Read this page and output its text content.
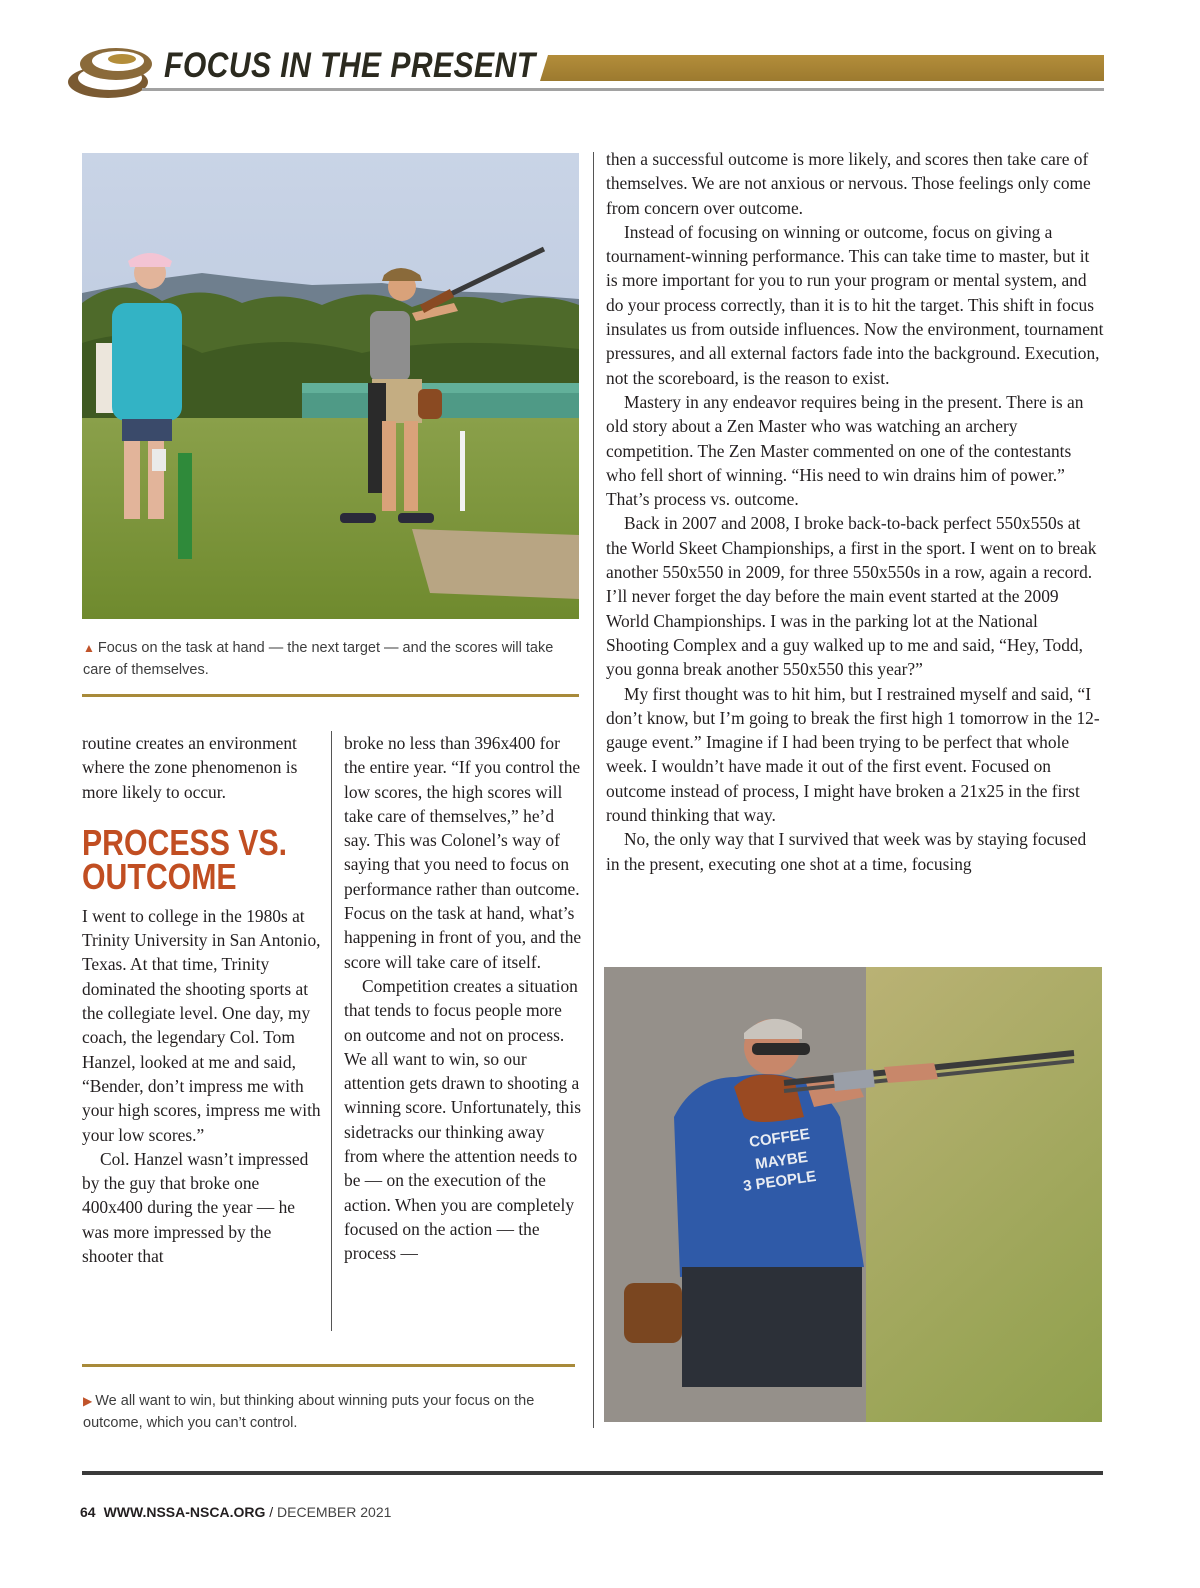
FOCUS IN THE PRESENT
▲ Focus on the task at hand — the next target — and the scores will take care of themselves.

routine creates an environment where the zone phenomenon is more likely to occur.

PROCESS VS. OUTCOME

I went to college in the 1980s at Trinity University in San Antonio, Texas. At that time, Trinity dominated the shooting sports at the collegiate level. One day, my coach, the legendary Col. Tom Hanzel, looked at me and said, “Bender, don’t impress me with your high scores, impress me with your low scores.”

Col. Hanzel wasn’t impressed by the guy that broke one 400x400 during the year — he was more impressed by the shooter that

broke no less than 396x400 for the entire year. “If you control the low scores, the high scores will take care of themselves,” he’d say. This was Colonel’s way of saying that you need to focus on performance rather than outcome. Focus on the task at hand, what’s happening in front of you, and the score will take care of itself.

Competition creates a situation that tends to focus people more on outcome and not on process. We all want to win, so our attention gets drawn to shooting a winning score. Unfortunately, this sidetracks our thinking away from where the attention needs to be — on the execution of the action. When you are completely focused on the action — the process —

▶ We all want to win, but thinking about winning puts your focus on the outcome, which you can’t control.

then a successful outcome is more likely, and scores then take care of themselves. We are not anxious or nervous. Those feelings only come from concern over outcome.

Instead of focusing on winning or outcome, focus on giving a tournament-winning performance. This can take time to master, but it is more important for you to run your program or mental system, and do your process correctly, than it is to hit the target. This shift in focus insulates us from outside influences. Now the environment, tournament pressures, and all external factors fade into the background. Execution, not the scoreboard, is the reason to exist.

Mastery in any endeavor requires being in the present. There is an old story about a Zen Master who was watching an archery competition. The Zen Master commented on one of the contestants who fell short of winning. “His need to win drains him of power.” That’s process vs. outcome.

Back in 2007 and 2008, I broke back-to-back perfect 550x550s at the World Skeet Championships, a first in the sport. I went on to break another 550x550 in 2009, for three 550x550s in a row, again a record. I’ll never forget the day before the main event started at the 2009 World Championships. I was in the parking lot at the National Shooting Complex and a guy walked up to me and said, “Hey, Todd, you gonna break another 550x550 this year?”

My first thought was to hit him, but I restrained myself and said, “I don’t know, but I’m going to break the first high 1 tomorrow in the 12-gauge event.” Imagine if I had been trying to be perfect that whole week. I wouldn’t have made it out of the first event. Focused on outcome instead of process, I might have broken a 21x25 in the first round thinking that way.

No, the only way that I survived that week was by staying focused in the present, executing one shot at a time, focusing

COFFEE
MAYBE
3 PEOPLE
64 WWW.NSSA-NSCA.ORG / DECEMBER 2021
